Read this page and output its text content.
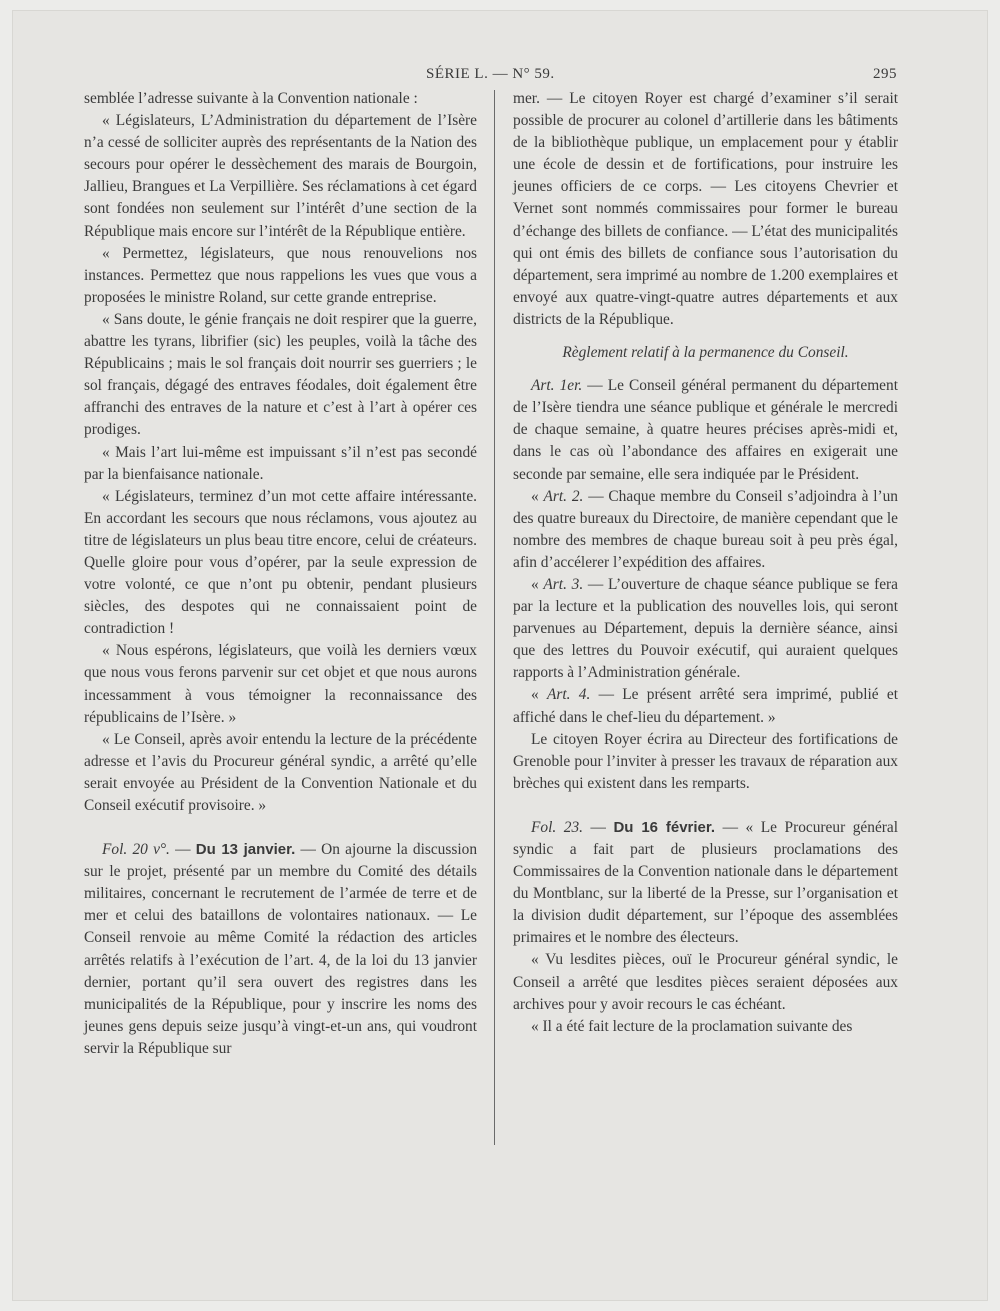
SÉRIE L. — N° 59.	295

semblée l’adresse suivante à la Convention nationale :

« Législateurs, L’Administration du département de l’Isère n’a cessé de solliciter auprès des représentants de la Nation des secours pour opérer le dessèchement des marais de Bourgoin, Jallieu, Brangues et La Verpillière. Ses réclamations à cet égard sont fondées non seulement sur l’intérêt d’une section de la République mais encore sur l’intérêt de la République entière.

« Permettez, législateurs, que nous renouvelions nos instances. Permettez que nous rappelions les vues que vous a proposées le ministre Roland, sur cette grande entreprise.

« Sans doute, le génie français ne doit respirer que la guerre, abattre les tyrans, librifier (sic) les peuples, voilà la tâche des Républicains ; mais le sol français doit nourrir ses guerriers ; le sol français, dégagé des entraves féodales, doit également être affranchi des entraves de la nature et c’est à l’art à opérer ces prodiges.

« Mais l’art lui-même est impuissant s’il n’est pas secondé par la bienfaisance nationale.

« Législateurs, terminez d’un mot cette affaire intéressante. En accordant les secours que nous réclamons, vous ajoutez au titre de législateurs un plus beau titre encore, celui de créateurs. Quelle gloire pour vous d’opérer, par la seule expression de votre volonté, ce que n’ont pu obtenir, pendant plusieurs siècles, des despotes qui ne connaissaient point de contradiction !

« Nous espérons, législateurs, que voilà les derniers vœux que nous vous ferons parvenir sur cet objet et que nous aurons incessamment à vous témoigner la reconnaissance des républicains de l’Isère. »

« Le Conseil, après avoir entendu la lecture de la précédente adresse et l’avis du Procureur général syndic, a arrêté qu’elle serait envoyée au Président de la Convention Nationale et du Conseil exécutif provisoire. »

Fol. 20 v°. — Du 13 janvier. — On ajourne la discussion sur le projet, présenté par un membre du Comité des détails militaires, concernant le recrutement de l’armée de terre et de mer et celui des bataillons de volontaires nationaux. — Le Conseil renvoie au même Comité la rédaction des articles arrêtés relatifs à l’exécution de l’art. 4, de la loi du 13 janvier dernier, portant qu’il sera ouvert des registres dans les municipalités de la République, pour y inscrire les noms des jeunes gens depuis seize jusqu’à vingt-et-un ans, qui voudront servir la République sur

mer. — Le citoyen Royer est chargé d’examiner s’il serait possible de procurer au colonel d’artillerie dans les bâtiments de la bibliothèque publique, un emplacement pour y établir une école de dessin et de fortifications, pour instruire les jeunes officiers de ce corps. — Les citoyens Chevrier et Vernet sont nommés commissaires pour former le bureau d’échange des billets de confiance. — L’état des municipalités qui ont émis des billets de confiance sous l’autorisation du département, sera imprimé au nombre de 1.200 exemplaires et envoyé aux quatre-vingt-quatre autres départements et aux districts de la République.

Règlement relatif à la permanence du Conseil.

Art. 1er. — Le Conseil général permanent du département de l’Isère tiendra une séance publique et générale le mercredi de chaque semaine, à quatre heures précises après-midi et, dans le cas où l’abondance des affaires en exigerait une seconde par semaine, elle sera indiquée par le Président.

« Art. 2. — Chaque membre du Conseil s’adjoindra à l’un des quatre bureaux du Directoire, de manière cependant que le nombre des membres de chaque bureau soit à peu près égal, afin d’accélerer l’expédition des affaires.

« Art. 3. — L’ouverture de chaque séance publique se fera par la lecture et la publication des nouvelles lois, qui seront parvenues au Département, depuis la dernière séance, ainsi que des lettres du Pouvoir exécutif, qui auraient quelques rapports à l’Administration générale.

« Art. 4. — Le présent arrêté sera imprimé, publié et affiché dans le chef-lieu du département. »

Le citoyen Royer écrira au Directeur des fortifications de Grenoble pour l’inviter à presser les travaux de réparation aux brèches qui existent dans les remparts.

Fol. 23. — Du 16 février. — « Le Procureur général syndic a fait part de plusieurs proclamations des Commissaires de la Convention nationale dans le département du Montblanc, sur la liberté de la Presse, sur l’organisation et la division dudit département, sur l’époque des assemblées primaires et le nombre des électeurs.

« Vu lesdites pièces, ouï le Procureur général syndic, le Conseil a arrêté que lesdites pièces seraient déposées aux archives pour y avoir recours le cas échéant.

« Il a été fait lecture de la proclamation suivante des
